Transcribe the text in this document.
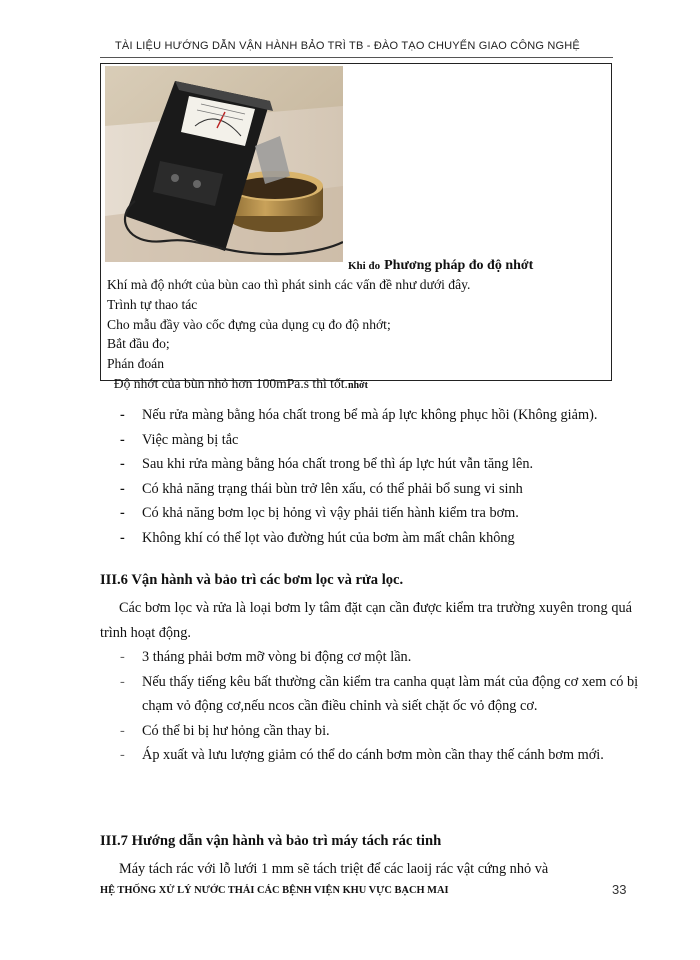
TÀI LIỆU HƯỚNG DẪN VẬN HÀNH BẢO TRÌ TB - ĐÀO TẠO CHUYỂN GIAO CÔNG NGHỆ
Khi đo Phương pháp đo độ nhớt
Khí mà độ nhớt của bùn cao thì phát sinh các vấn đề như dưới đây.
Trình tự thao tác
Cho mẫu đầy vào cốc đựng của dụng cụ đo độ nhớt;
Bắt đầu đo;
Phán đoán
Độ nhớt của bùn nhỏ hơn 100mPa.s thì tốt.nhớt
- Nếu rửa màng bằng hóa chất trong bể mà áp lực không phục hồi (Không giảm).
- Việc màng bị tắc
- Sau khi rửa màng bằng hóa chất trong bể thì áp lực hút vẫn tăng lên.
- Có khả năng trạng thái bùn trở lên xấu, có thể phải bổ sung vi sinh
- Có khả năng bơm lọc bị hỏng vì vậy phải tiến hành kiểm tra bơm.
- Không khí có thể lọt vào đường hút của bơm àm mất chân không
III.6 Vận hành và bảo trì các bơm lọc và rửa lọc.
Các bơm lọc và rửa là loại bơm ly tâm đặt cạn cần được kiểm tra trường xuyên trong quá trình hoạt động.
- 3 tháng phải bơm mỡ vòng bi động cơ một lần.
- Nếu thấy tiếng kêu bất thường cần kiểm tra canha quạt làm mát của động cơ xem có bị chạm vỏ động cơ,nếu ncos cần điều chỉnh và siết chặt ốc vỏ động cơ.
- Có thể bi bị hư hỏng cần thay bi.
- Áp xuất và lưu lượng giảm có thể do cánh bơm mòn cần thay thế cánh bơm mới.
III.7 Hướng dẫn vận hành và bảo trì máy tách rác tinh
Máy tách rác với lỗ lưới 1 mm sẽ tách triệt để các laoij rác vật cứng nhỏ và
HỆ THỐNG XỬ LÝ NƯỚC THẢI CÁC BỆNH VIỆN KHU VỰC BẠCH MAI	33
